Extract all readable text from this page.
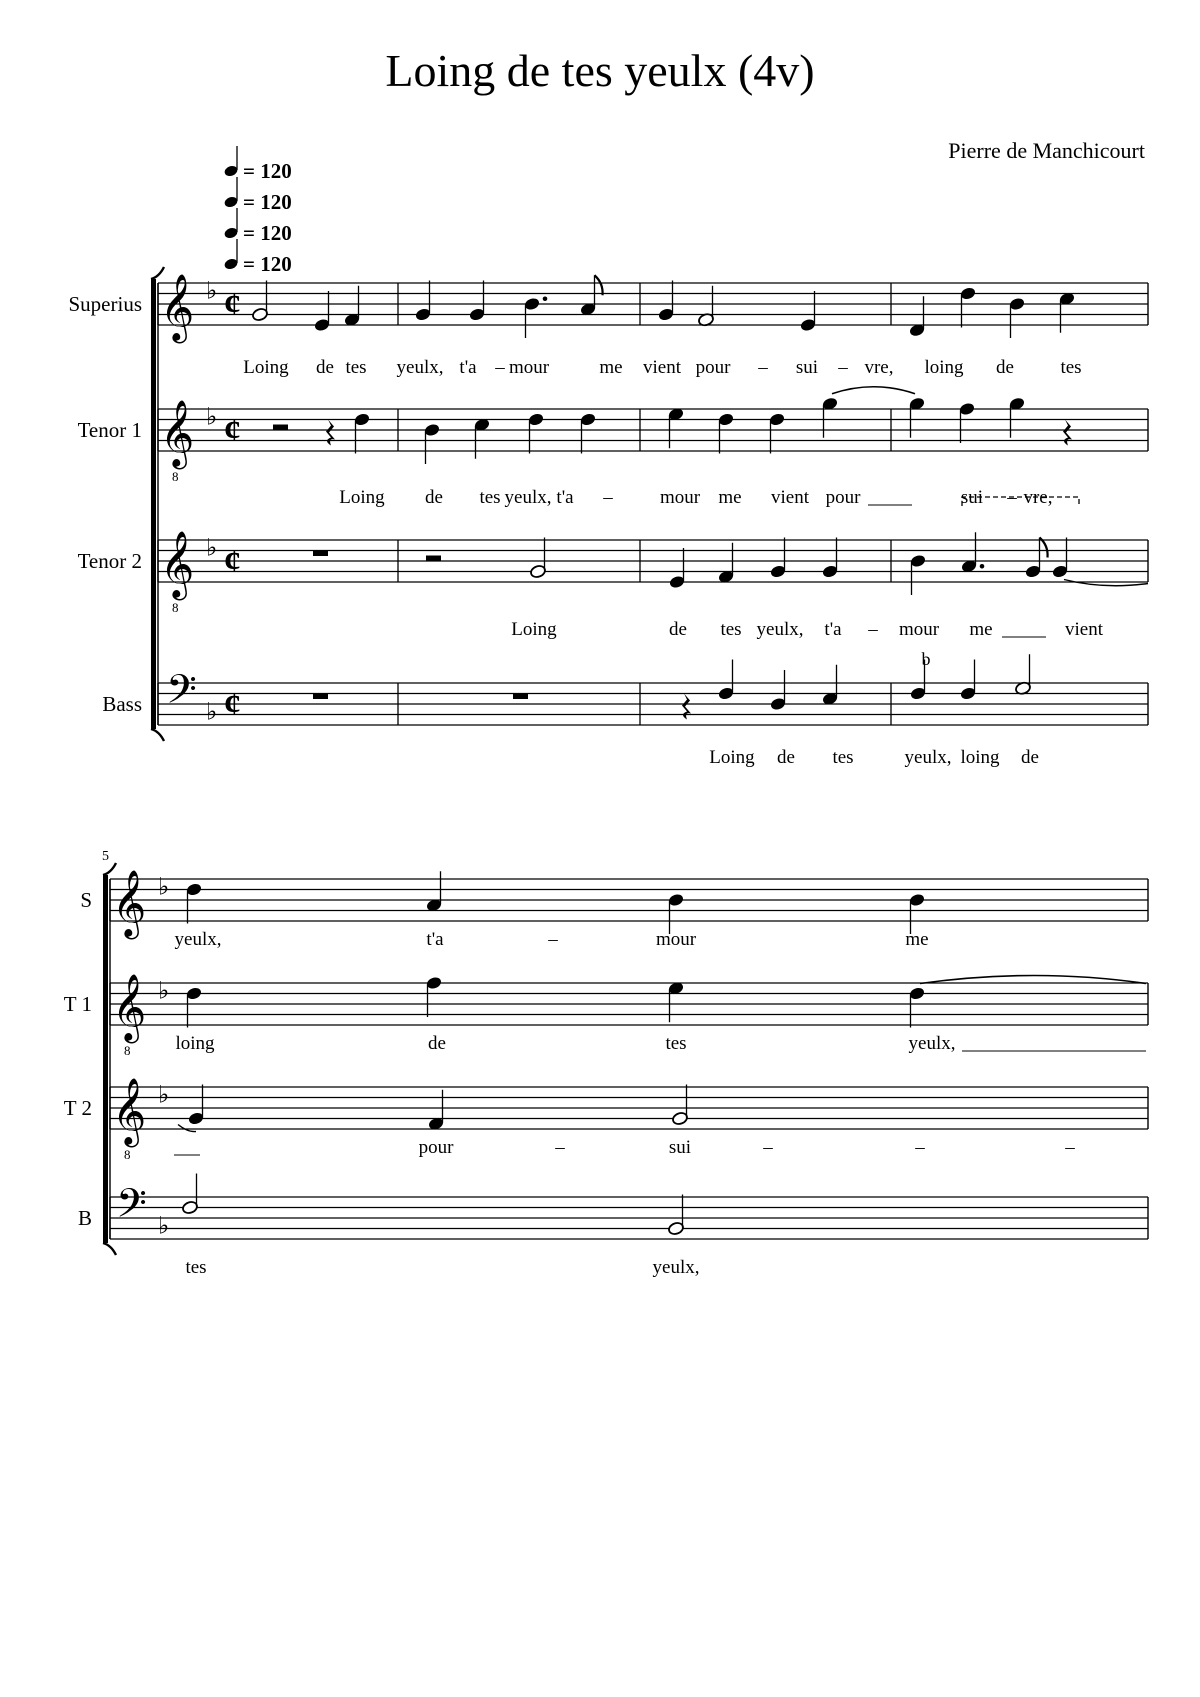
Loing de tes yeulx (4v)
Pierre de Manchicourt
Superius 𝄞 ♭ ¢
Tenor 1 𝄞
8
♭ ¢
Tenor 2 𝄞
8
♭ ¢
Bass 𝄢 ♭ ¢
= 120
= 120
= 120
= 120
Loing de tes yeulx, t'a – mour	me vient pour – sui – vre, loing de tes
Loing de tes yeulx, t'a – mour me vient pour	sui – vre,
Loing	de tes yeulx, t'a – mour me	vient
b
Loing de tes	yeulx, loing de
5
S 𝄞 ♭
T 1 𝄞
8
♭
T 2 𝄞
8
♭
B 𝄢 ♭
yeulx,	t'a	–	mour	me
loing	de	tes	yeulx,
pour	–	sui	–	–	–
tes	yeulx,
